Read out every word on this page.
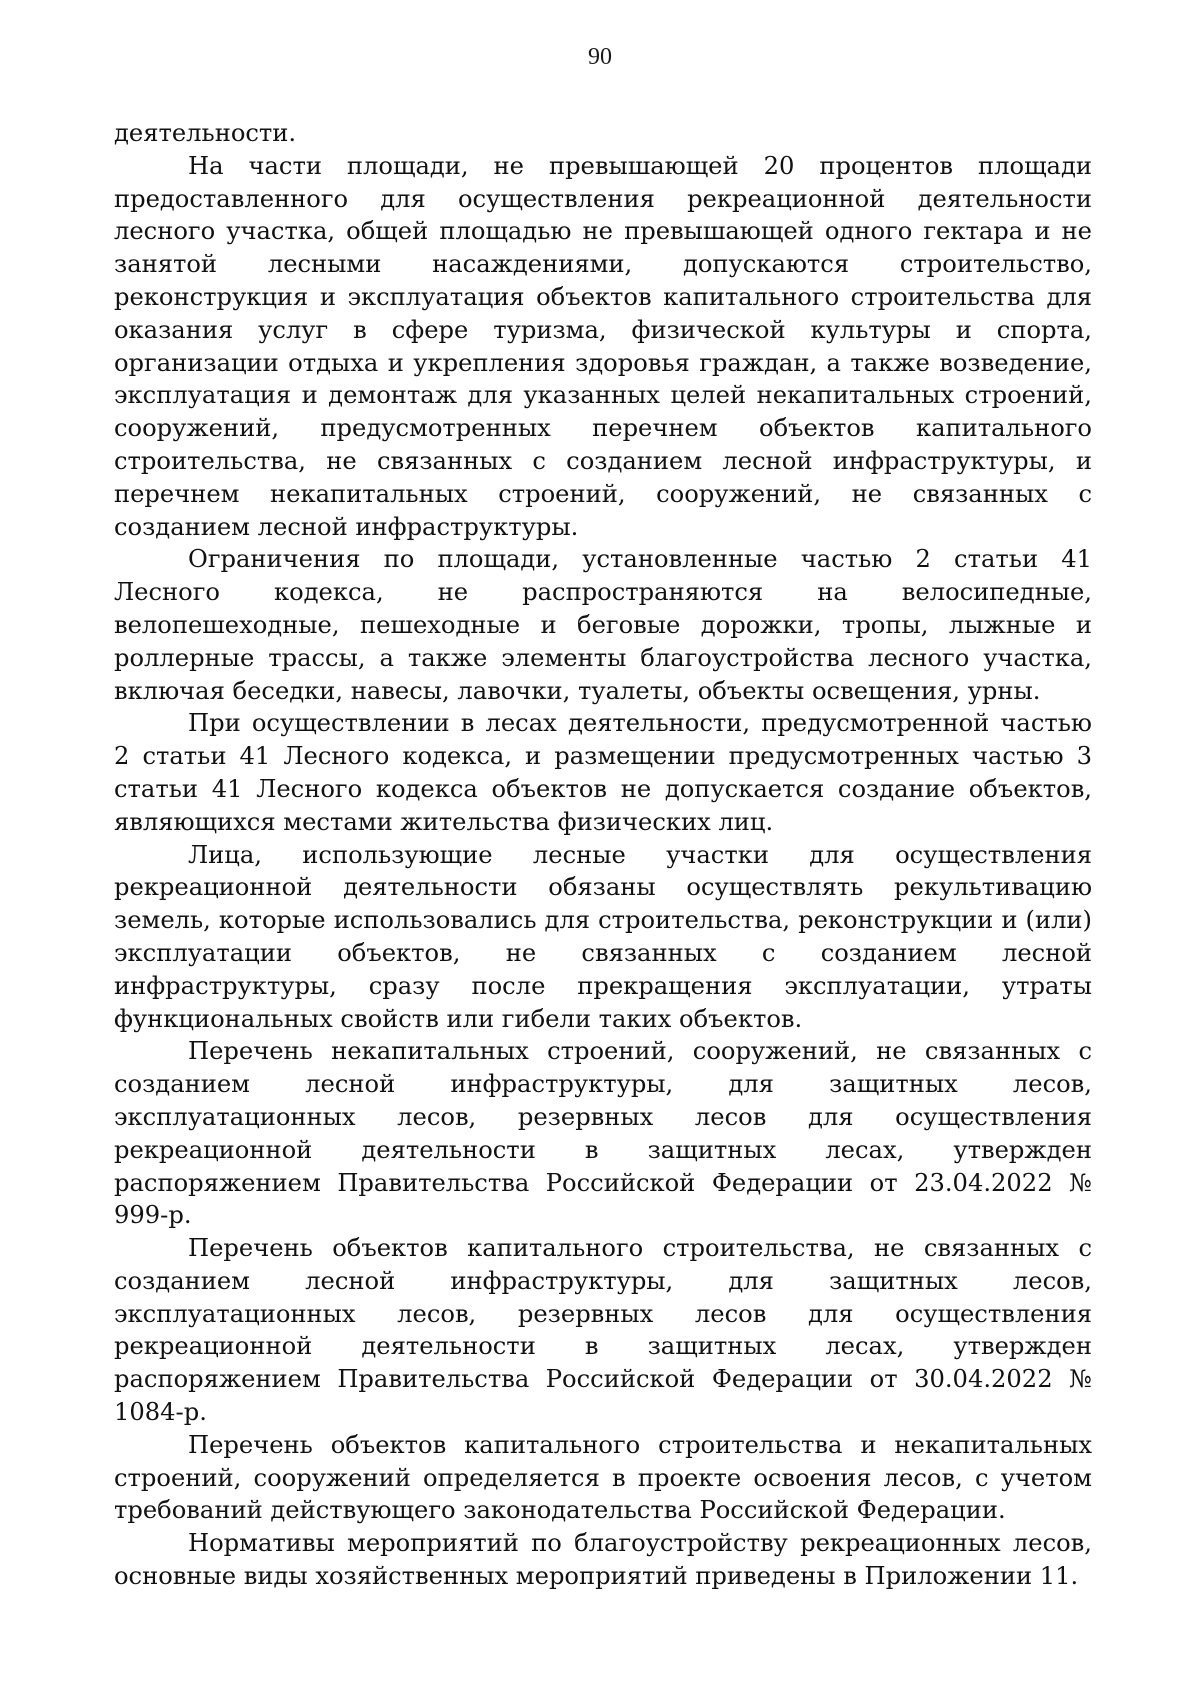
90

деятельности.

На части площади, не превышающей 20 процентов площади предоставленного для осуществления рекреационной деятельности лесного участка, общей площадью не превышающей одного гектара и не занятой лесными насаждениями, допускаются строительство, реконструкция и эксплуатация объектов капитального строительства для оказания услуг в сфере туризма, физической культуры и спорта, организации отдыха и укрепления здоровья граждан, а также возведение, эксплуатация и демонтаж для указанных целей некапитальных строений, сооружений, предусмотренных перечнем объектов капитального строительства, не связанных с созданием лесной инфраструктуры, и перечнем некапитальных строений, сооружений, не связанных с созданием лесной инфраструктуры.

Ограничения по площади, установленные частью 2 статьи 41 Лесного кодекса, не распространяются на велосипедные, велопешеходные, пешеходные и беговые дорожки, тропы, лыжные и роллерные трассы, а также элементы благоустройства лесного участка, включая беседки, навесы, лавочки, туалеты, объекты освещения, урны.

При осуществлении в лесах деятельности, предусмотренной частью 2 статьи 41 Лесного кодекса, и размещении предусмотренных частью 3 статьи 41 Лесного кодекса объектов не допускается создание объектов, являющихся местами жительства физических лиц.

Лица, использующие лесные участки для осуществления рекреационной деятельности обязаны осуществлять рекультивацию земель, которые использовались для строительства, реконструкции и (или) эксплуатации объектов, не связанных с созданием лесной инфраструктуры, сразу после прекращения эксплуатации, утраты функциональных свойств или гибели таких объектов.

Перечень некапитальных строений, сооружений, не связанных с созданием лесной инфраструктуры, для защитных лесов, эксплуатационных лесов, резервных лесов для осуществления рекреационной деятельности в защитных лесах, утвержден распоряжением Правительства Российской Федерации от 23.04.2022 № 999-р.

Перечень объектов капитального строительства, не связанных с созданием лесной инфраструктуры, для защитных лесов, эксплуатационных лесов, резервных лесов для осуществления рекреационной деятельности в защитных лесах, утвержден распоряжением Правительства Российской Федерации от 30.04.2022 № 1084-р.

Перечень объектов капитального строительства и некапитальных строений, сооружений определяется в проекте освоения лесов, с учетом требований действующего законодательства Российской Федерации.

Нормативы мероприятий по благоустройству рекреационных лесов, основные виды хозяйственных мероприятий приведены в Приложении 11.
